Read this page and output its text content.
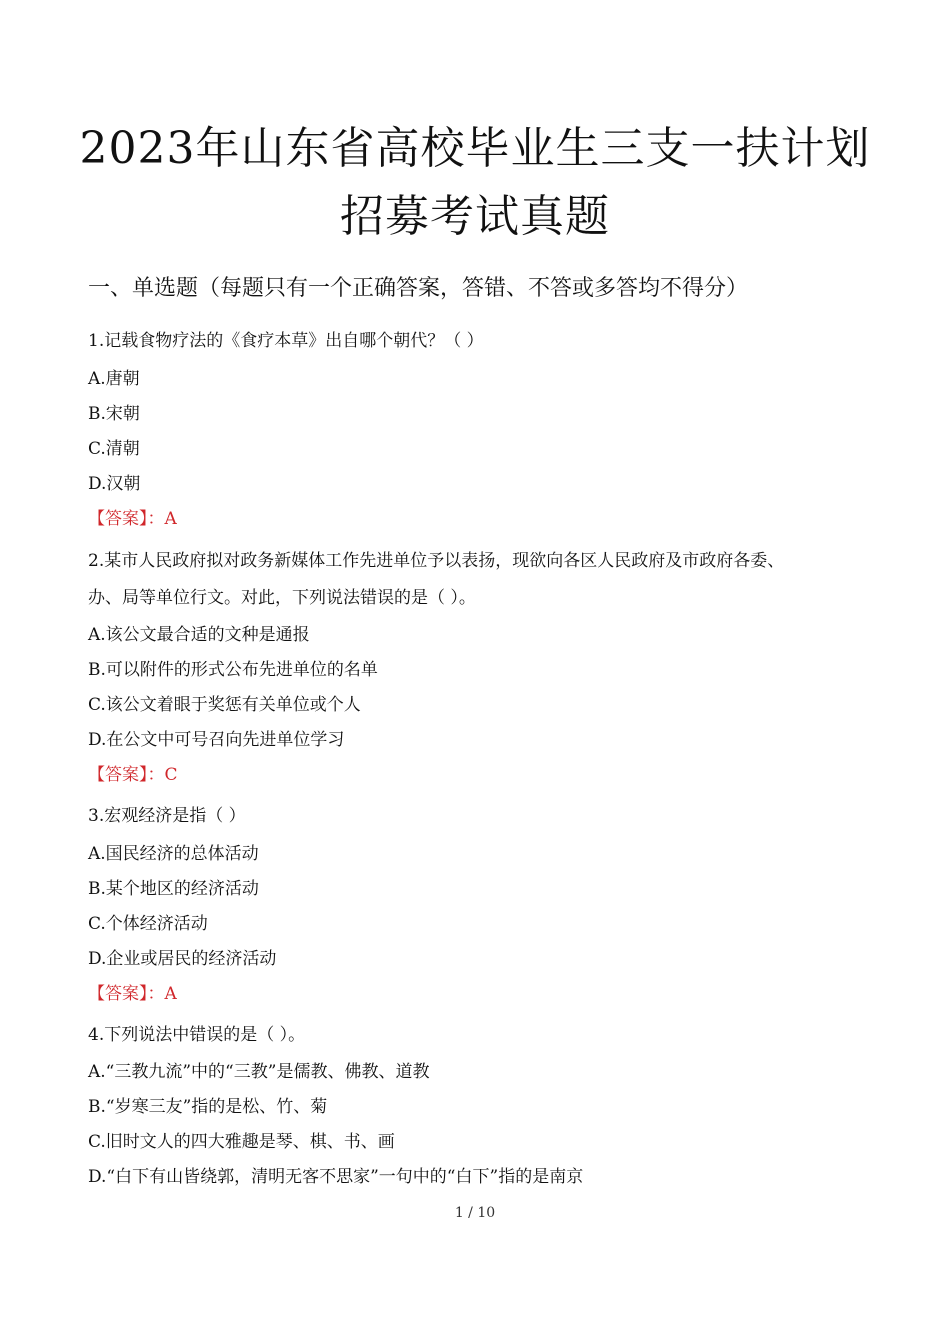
2023年山东省高校毕业生三支一扶计划
招募考试真题
一、单选题（每题只有一个正确答案，答错、不答或多答均不得分）
1.记载食物疗法的《食疗本草》出自哪个朝代？（ ）
A.唐朝
B.宋朝
C.清朝
D.汉朝
【答案】：A
2.某市人民政府拟对政务新媒体工作先进单位予以表扬，现欲向各区人民政府及市政府各委、
办、局等单位行文。对此，下列说法错误的是（ ）。
A.该公文最合适的文种是通报
B.可以附件的形式公布先进单位的名单
C.该公文着眼于奖惩有关单位或个人
D.在公文中可号召向先进单位学习
【答案】：C
3.宏观经济是指（ ）
A.国民经济的总体活动
B.某个地区的经济活动
C.个体经济活动
D.企业或居民的经济活动
【答案】：A
4.下列说法中错误的是（ ）。
A.“三教九流”中的“三教”是儒教、佛教、道教
B.“岁寒三友”指的是松、竹、菊
C.旧时文人的四大雅趣是琴、棋、书、画
D.“白下有山皆绕郭，清明无客不思家”一句中的“白下”指的是南京
1 / 10
